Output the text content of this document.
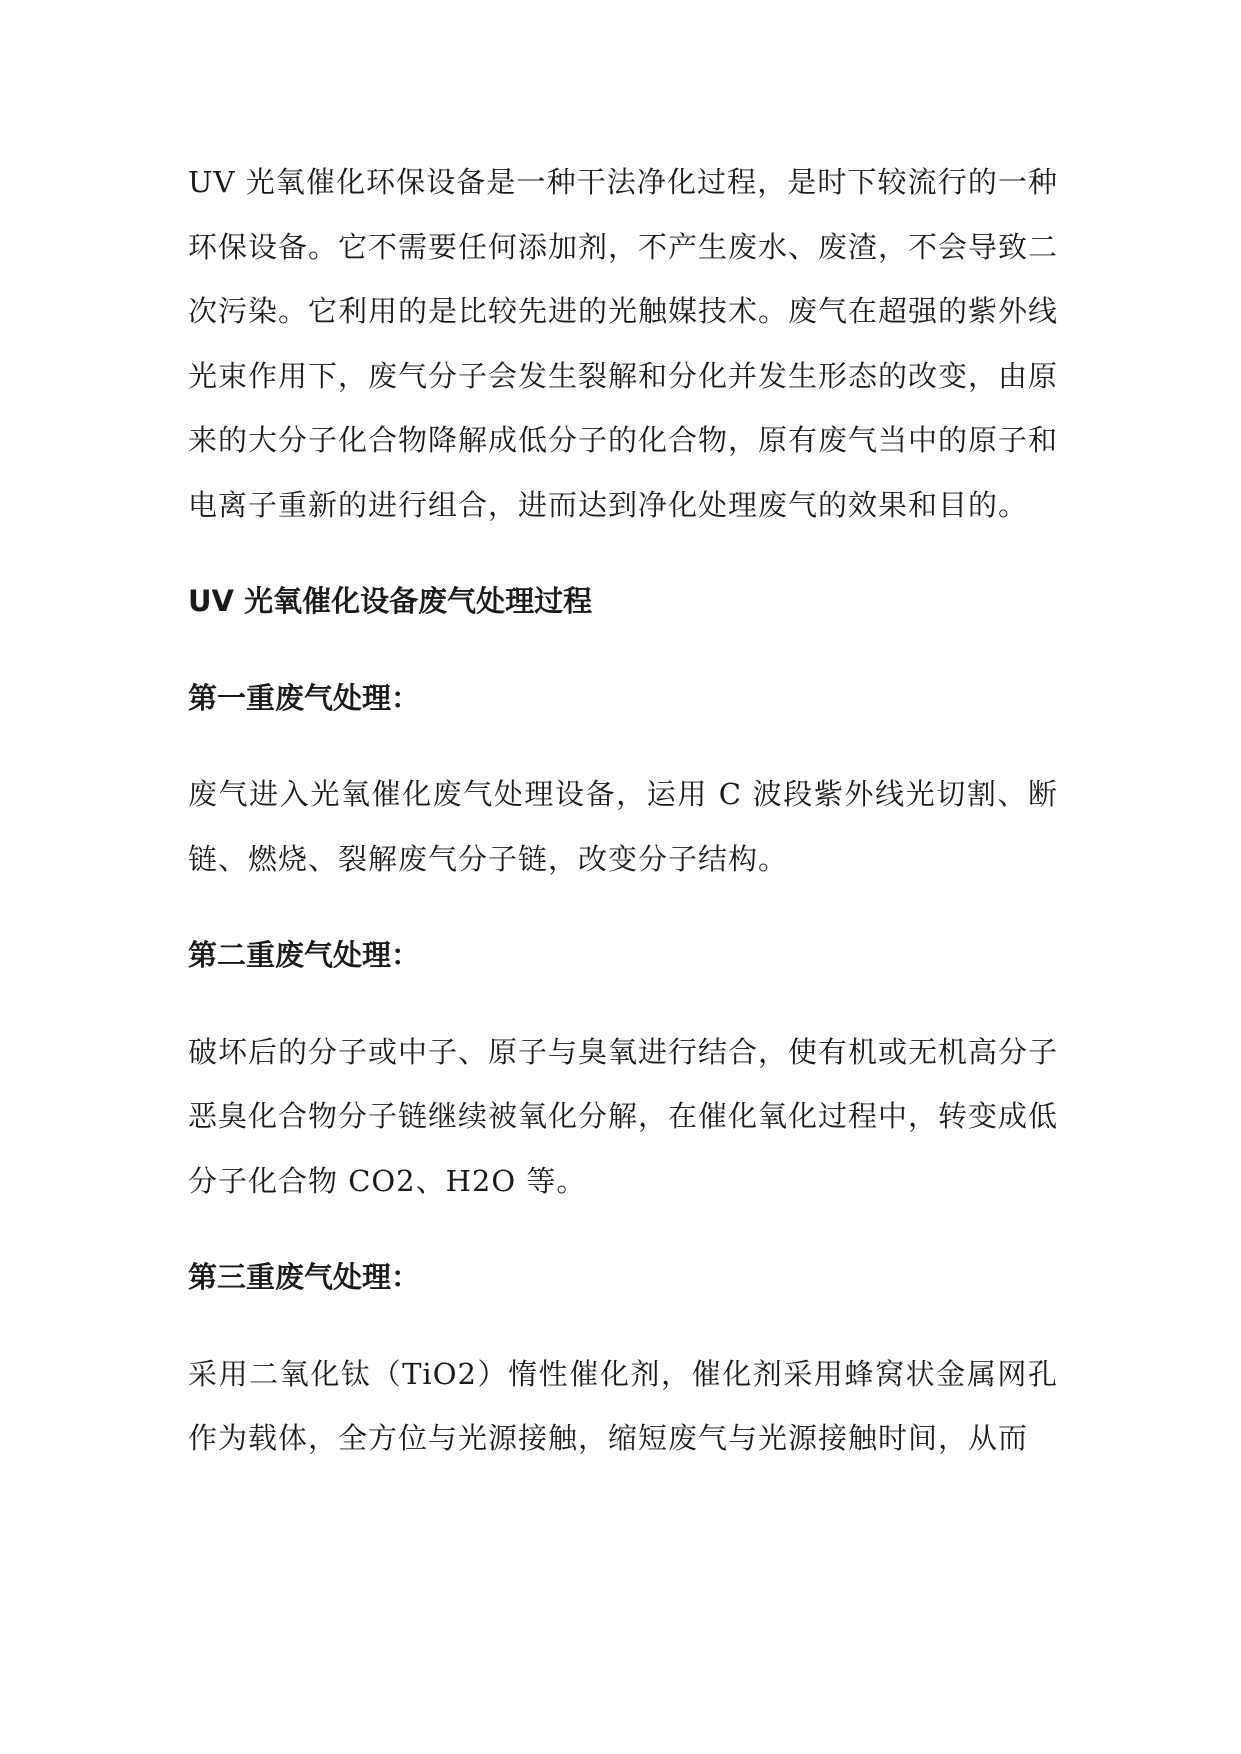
UV 光氧催化环保设备是一种干法净化过程，是时下较流行的一种环保设备。它不需要任何添加剂，不产生废水、废渣，不会导致二次污染。它利用的是比较先进的光触媒技术。废气在超强的紫外线光束作用下，废气分子会发生裂解和分化并发生形态的改变，由原来的大分子化合物降解成低分子的化合物，原有废气当中的原子和电离子重新的进行组合，进而达到净化处理废气的效果和目的。

UV 光氧催化设备废气处理过程

第一重废气处理：

废气进入光氧催化废气处理设备，运用 C 波段紫外线光切割、断链、燃烧、裂解废气分子链，改变分子结构。

第二重废气处理：

破坏后的分子或中子、原子与臭氧进行结合，使有机或无机高分子恶臭化合物分子链继续被氧化分解，在催化氧化过程中，转变成低分子化合物 CO2、H2O 等。

第三重废气处理：

采用二氧化钛（TiO2）惰性催化剂，催化剂采用蜂窝状金属网孔作为载体，全方位与光源接触，缩短废气与光源接触时间，从而
